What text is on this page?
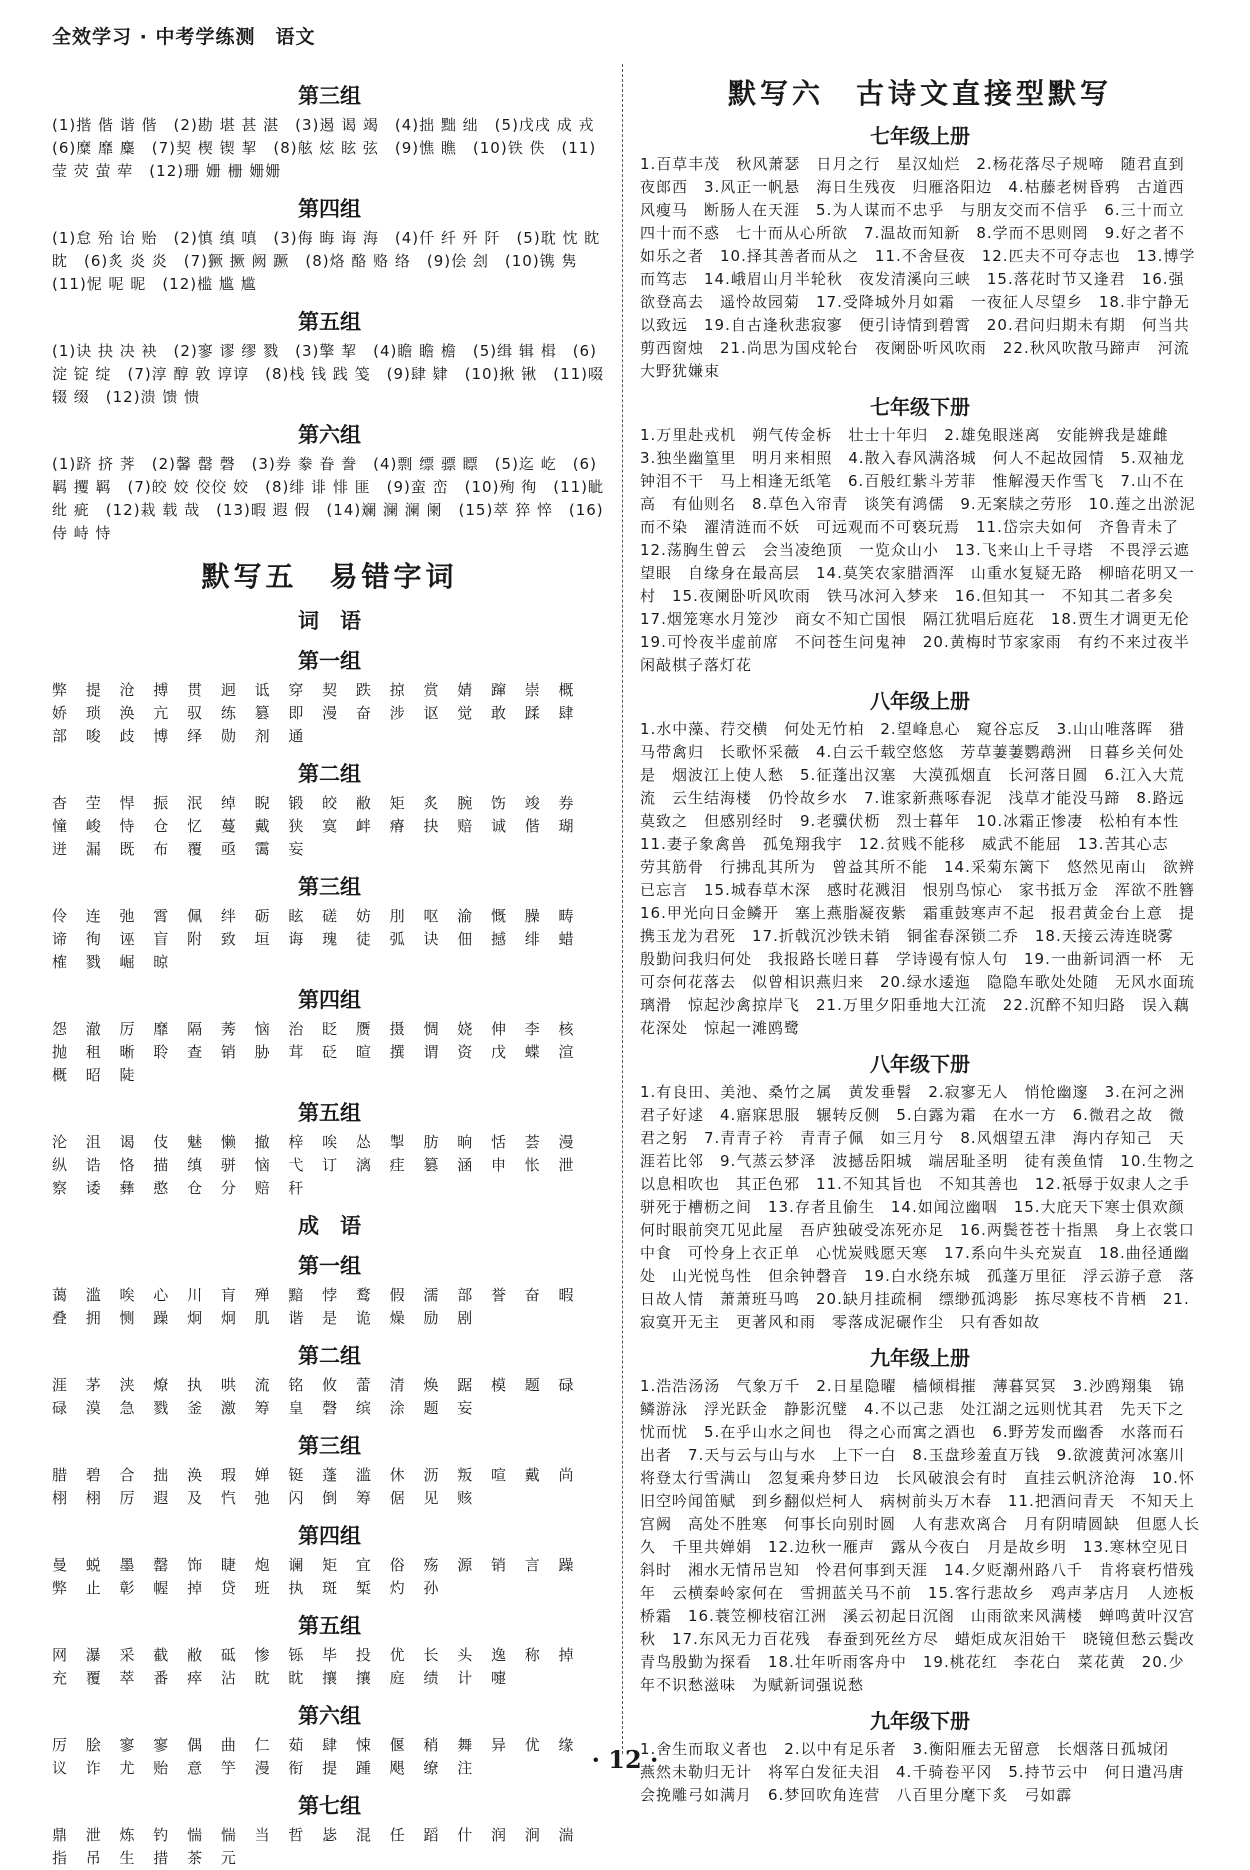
全效学习 · 中考学练测　语文
第三组
(1)揩 偕 谐 偕　(2)勘 堪 甚 湛　(3)遏 谒 竭　(4)拙 黜 绌　(5)戊戌 成 戎　(6)糜 靡 麋　(7)契 楔 锲 挈　(8)舷 炫 眩 弦　(9)憔 瞧　(10)铁 佚　(11)莹 荧 萤 荦　(12)珊 姗 栅 姗姗
第四组
(1)怠 殆 诒 贻　(2)慎 缜 嗔　(3)侮 晦 诲 海　(4)仟 纤 歼 阡　(5)耽 忱 眈眈　(6)炙 炎 炎　(7)獗 撅 阙 蹶　(8)烙 酪 赂 络　(9)侩 刽　(10)镌 隽　(11)怩 呢 昵　(12)槛 尴 尴
第五组
(1)诀 抉 决 袂　(2)寥 谬 缪 戮　(3)擎 挈　(4)瞻 瞻 檐　(5)缉 辑 楫　(6)淀 锭 绽　(7)淳 醇 敦 谆谆　(8)栈 钱 践 笺　(9)肆 肄　(10)揪 锹　(11)啜 辍 缀　(12)溃 馈 愦
第六组
(1)跻 挤 荠　(2)馨 罄 磬　(3)券 豢 眷 誊　(4)剽 缥 骠 瞟　(5)迄 屹　(6)羁 攫 羁　(7)皎 姣 佼佼 姣　(8)绯 诽 悱 匪　(9)蛮 峦　(10)殉 徇　(11)眦 纰 疵　(12)栽 载 哉　(13)暇 遐 假　(14)斓 澜 澜 阑　(15)萃 猝 悴　(16)侍 峙 恃
默写五　易错字词
词　语
第一组
弊 提 沧 搏 贯 迥 诋 穿 契 跌 掠 赏 婧 蹿 崇 概 娇 琐 涣 亢 驭 练 篡 即 漫 奋 涉 讴 觉 敢 蹂 肆 部 唆 歧 博 绎 勋 剂 通
第二组
杳 茔 悍 振 泯 绰 睨 锻 皎 敝 矩 炙 腕 饬 竣 券 憧 峻 恃 仓 忆 蔓 戴 狭 寞 衅 瘠 抉 赔 诚 偕 瑚 迸 漏 既 布 覆 亟 霭 妄
第三组
伶 连 弛 霄 佩 绊 砺 眩 磋 妨 刖 呕 渝 慨 臊 畴 谛 徇 诬 盲 附 致 垣 诲 瑰 徒 弧 诀 佃 撼 绯 蜡 榷 戮 崛 晾
第四组
怨 澈 厉 靡 隔 莠 恼 治 眨 赝 摄 惆 娆 伸 李 核 抛 租 晰 聆 查 销 胁 茸 砭 暄 撰 谓 资 戊 蝶 渲 概 昭 陡
第五组
沦 沮 谒 伎 魅 懒 撤 梓 唉 怂 掣 肪 晌 恬 荟 漫 纵 诰 恪 描 缜 骈 恼 弋 订 漓 疰 篡 涵 申 怅 泄 察 诿 彝 憨 仓 分 赔 秆
成　语
第一组
蔼 滥 唉 心 川 肓 殚 黯 悖 鹜 假 濡 部 誉 奋 暇 叠 拥 恻 躁 炯 炯 肌 谐 是 诡 燥 励 剧
第二组
涯 茅 浃 燎 执 哄 流 铭 攸 蕾 清 焕 踞 模 题 碌 碌 漠 急 戮 釜 激 筹 皇 磬 缤 涂 题 妄
第三组
腊 碧 合 拙 涣 瑕 婵 铤 蓬 滥 休 沥 叛 喧 戴 尚 栩 栩 厉 遐 及 忾 弛 闪 倒 筹 倨 见 赅
第四组
曼 蜕 墨 罄 饰 睫 炮 谰 矩 宜 俗 殇 源 销 言 躁 弊 止 彰 幄 掉 贷 班 执 斑 椠 灼 孙
第五组
网 瀑 采 截 敝 砥 惨 铄 毕 投 优 长 头 逸 称 掉 充 覆 萃 番 瘁 沾 眈 眈 攘 攘 庭 绩 计 嚏
第六组
厉 脍 寥 寥 偶 曲 仁 茹 肆 悚 偃 稍 舞 异 优 缘 议 诈 尤 贻 意 竽 漫 衔 提 踵 飓 缭 注
第七组
鼎 泄 炼 钓 惴 惴 当 哲 毖 混 任 蹈 什 润 涧 湍 指 吊 生 措 茶 元
默写六　古诗文直接型默写
七年级上册
1.百草丰茂　秋风萧瑟　日月之行　星汉灿烂　2.杨花落尽子规啼　随君直到夜郎西　3.风正一帆悬　海日生残夜　归雁洛阳边　4.枯藤老树昏鸦　古道西风瘦马　断肠人在天涯　5.为人谋而不忠乎　与朋友交而不信乎　6.三十而立　四十而不惑　七十而从心所欲　7.温故而知新　8.学而不思则罔　9.好之者不如乐之者　10.择其善者而从之　11.不舍昼夜　12.匹夫不可夺志也　13.博学而笃志　14.峨眉山月半轮秋　夜发清溪向三峡　15.落花时节又逢君　16.强欲登高去　遥怜故园菊　17.受降城外月如霜　一夜征人尽望乡　18.非宁静无以致远　19.自古逢秋悲寂寥　便引诗情到碧霄　20.君问归期未有期　何当共剪西窗烛　21.尚思为国戍轮台　夜阑卧听风吹雨　22.秋风吹散马蹄声　河流大野犹嫌束
七年级下册
1.万里赴戎机　朔气传金柝　壮士十年归　2.雄兔眼迷离　安能辨我是雄雌　3.独坐幽篁里　明月来相照　4.散入春风满洛城　何人不起故园情　5.双袖龙钟泪不干　马上相逢无纸笔　6.百般红紫斗芳菲　惟解漫天作雪飞　7.山不在高　有仙则名　8.草色入帘青　谈笑有鸿儒　9.无案牍之劳形　10.莲之出淤泥而不染　濯清涟而不妖　可远观而不可亵玩焉　11.岱宗夫如何　齐鲁青未了　12.荡胸生曾云　会当凌绝顶　一览众山小　13.飞来山上千寻塔　不畏浮云遮望眼　自缘身在最高层　14.莫笑农家腊酒浑　山重水复疑无路　柳暗花明又一村　15.夜阑卧听风吹雨　铁马冰河入梦来　16.但知其一　不知其二者多矣　17.烟笼寒水月笼沙　商女不知亡国恨　隔江犹唱后庭花　18.贾生才调更无伦　19.可怜夜半虚前席　不问苍生问鬼神　20.黄梅时节家家雨　有约不来过夜半　闲敲棋子落灯花
八年级上册
1.水中藻、荇交横　何处无竹柏　2.望峰息心　窥谷忘反　3.山山唯落晖　猎马带禽归　长歌怀采薇　4.白云千载空悠悠　芳草萋萋鹦鹉洲　日暮乡关何处是　烟波江上使人愁　5.征蓬出汉塞　大漠孤烟直　长河落日圆　6.江入大荒流　云生结海楼　仍怜故乡水　7.谁家新燕啄春泥　浅草才能没马蹄　8.路远莫致之　但感别经时　9.老骥伏枥　烈士暮年　10.冰霜正惨凄　松柏有本性　11.妻子象禽兽　孤兔翔我宇　12.贫贱不能移　威武不能屈　13.苦其心志　劳其筋骨　行拂乱其所为　曾益其所不能　14.采菊东篱下　悠然见南山　欲辨已忘言　15.城春草木深　感时花溅泪　恨别鸟惊心　家书抵万金　浑欲不胜簪　16.甲光向日金鳞开　塞上燕脂凝夜紫　霜重鼓寒声不起　报君黄金台上意　提携玉龙为君死　17.折戟沉沙铁未销　铜雀春深锁二乔　18.天接云涛连晓雾　殷勤问我归何处　我报路长嗟日暮　学诗谩有惊人句　19.一曲新词酒一杯　无可奈何花落去　似曾相识燕归来　20.绿水逶迤　隐隐车歌处处随　无风水面琉璃滑　惊起沙禽掠岸飞　21.万里夕阳垂地大江流　22.沉醉不知归路　误入藕花深处　惊起一滩鸥鹭
八年级下册
1.有良田、美池、桑竹之属　黄发垂髫　2.寂寥无人　悄怆幽邃　3.在河之洲　君子好逑　4.寤寐思服　辗转反侧　5.白露为霜　在水一方　6.微君之故　微君之躬　7.青青子衿　青青子佩　如三月兮　8.风烟望五津　海内存知己　天涯若比邻　9.气蒸云梦泽　波撼岳阳城　端居耻圣明　徒有羡鱼情　10.生物之以息相吹也　其正色邪　11.不知其旨也　不知其善也　12.祇辱于奴隶人之手　骈死于槽枥之间　13.存者且偷生　14.如闻泣幽咽　15.大庇天下寒士俱欢颜　何时眼前突兀见此屋　吾庐独破受冻死亦足　16.两鬓苍苍十指黑　身上衣裳口中食　可怜身上衣正单　心忧炭贱愿天寒　17.系向牛头充炭直　18.曲径通幽处　山光悦鸟性　但余钟磬音　19.白水绕东城　孤蓬万里征　浮云游子意　落日故人情　萧萧班马鸣　20.缺月挂疏桐　缥缈孤鸿影　拣尽寒枝不肯栖　21.寂寞开无主　更著风和雨　零落成泥碾作尘　只有香如故
九年级上册
1.浩浩汤汤　气象万千　2.日星隐曜　樯倾楫摧　薄暮冥冥　3.沙鸥翔集　锦鳞游泳　浮光跃金　静影沉璧　4.不以己悲　处江湖之远则忧其君　先天下之忧而忧　5.在乎山水之间也　得之心而寓之酒也　6.野芳发而幽香　水落而石出者　7.天与云与山与水　上下一白　8.玉盘珍羞直万钱　9.欲渡黄河冰塞川　将登太行雪满山　忽复乘舟梦日边　长风破浪会有时　直挂云帆济沧海　10.怀旧空吟闻笛赋　到乡翻似烂柯人　病树前头万木春　11.把酒问青天　不知天上宫阙　高处不胜寒　何事长向别时圆　人有悲欢离合　月有阴晴圆缺　但愿人长久　千里共婵娟　12.边秋一雁声　露从今夜白　月是故乡明　13.寒林空见日斜时　湘水无情吊岂知　怜君何事到天涯　14.夕贬潮州路八千　肯将衰朽惜残年　云横秦岭家何在　雪拥蓝关马不前　15.客行悲故乡　鸡声茅店月　人迹板桥霜　16.蓑笠柳枝宿江洲　溪云初起日沉阁　山雨欲来风满楼　蝉鸣黄叶汉宫秋　17.东风无力百花残　春蚕到死丝方尽　蜡炬成灰泪始干　晓镜但愁云鬓改　青鸟殷勤为探看　18.壮年听雨客舟中　19.桃花红　李花白　菜花黄　20.少年不识愁滋味　为赋新词强说愁
九年级下册
1.舍生而取义者也　2.以中有足乐者　3.衡阳雁去无留意　长烟落日孤城闭　燕然未勒归无计　将军白发征夫泪　4.千骑卷平冈　5.持节云中　何日遣冯唐　会挽雕弓如满月　6.梦回吹角连营　八百里分麾下炙　弓如霹
· 12 ·
